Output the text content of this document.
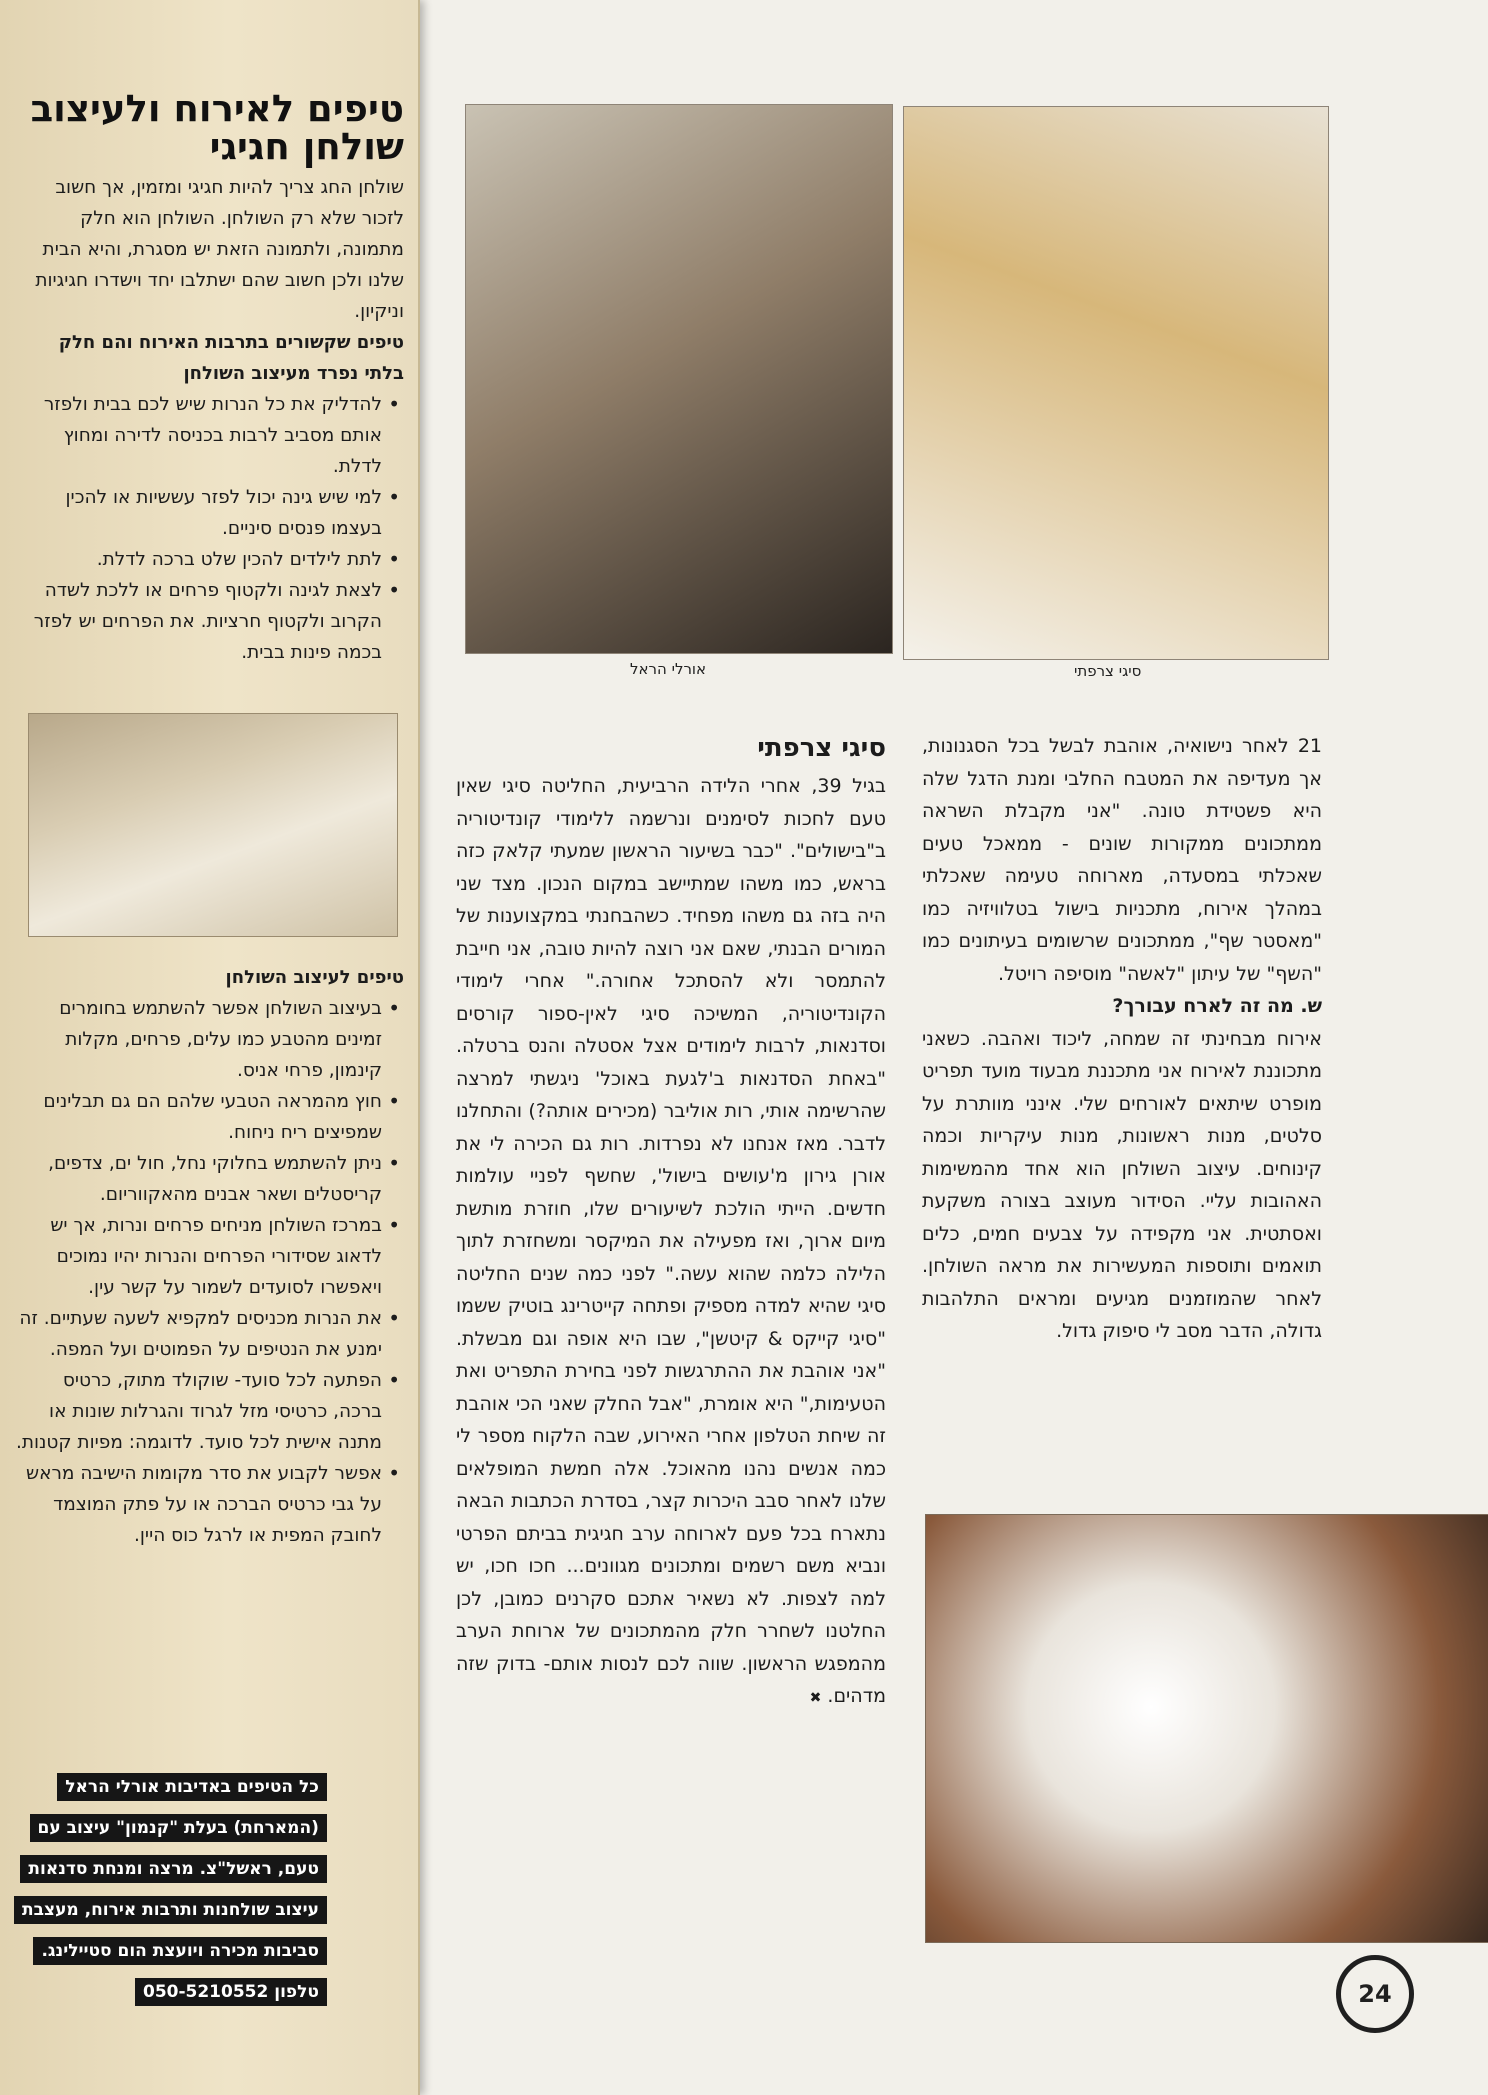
טיפים לאירוח ולעיצוב שולחן חגיגי

שולחן החג צריך להיות חגיגי ומזמין, אך חשוב לזכור שלא רק השולחן. השולחן הוא חלק מתמונה, ולתמונה הזאת יש מסגרת, והיא הבית שלנו ולכן חשוב שהם ישתלבו יחד וישדרו חגיגיות וניקיון.

טיפים שקשורים בתרבות האירוח והם חלק בלתי נפרד מעיצוב השולחן

• להדליק את כל הנרות שיש לכם בבית ולפזר אותם מסביב לרבות בכניסה לדירה ומחוץ לדלת.
• למי שיש גינה יכול לפזר עששיות או להכין בעצמו פנסים סיניים.
• לתת לילדים להכין שלט ברכה לדלת.
• לצאת לגינה ולקטוף פרחים או ללכת לשדה הקרוב ולקטוף חרציות. את הפרחים יש לפזר בכמה פינות בבית.

טיפים לעיצוב השולחן

• בעיצוב השולחן אפשר להשתמש בחומרים זמינים מהטבע כמו עלים, פרחים, מקלות קינמון, פרחי אניס.
• חוץ מהמראה הטבעי שלהם הם גם תבלינים שמפיצים ריח ניחוח.
• ניתן להשתמש בחלוקי נחל, חול ים, צדפים, קריסטלים ושאר אבנים מהאקווריום.
• במרכז השולחן מניחים פרחים ונרות, אך יש לדאוג שסידורי הפרחים והנרות יהיו נמוכים ויאפשרו לסועדים לשמור על קשר עין.
• את הנרות מכניסים למקפיא לשעה שעתיים. זה ימנע את הנטיפים על הפמוטים ועל המפה.
• הפתעה לכל סועד- שוקולד מתוק, כרטיס ברכה, כרטיסי מזל לגרוד והגרלות שונות או מתנה אישית לכל סועד. לדוגמה: מפיות קטנות.
• אפשר לקבוע את סדר מקומות הישיבה מראש על גבי כרטיס הברכה או על פתק המוצמד לחובק המפית או לרגל כוס היין.
כל הטיפים באדיבות אורלי הראל
(המארחת) בעלת "קנמון" עיצוב עם
טעם, ראשל"צ. מרצה ומנחת סדנאות
עיצוב שולחנות ותרבות אירוח, מעצבת
סביבות מכירה ויועצת הום סטיילינג.
טלפון 050-5210552
אורלי הראל	סיגי צרפתי

21 לאחר נישואיה, אוהבת לבשל בכל הסגנונות, אך מעדיפה את המטבח החלבי ומנת הדגל שלה היא פשטידת טונה. "אני מקבלת השראה ממתכונים ממקורות שונים - ממאכל טעים שאכלתי במסעדה, מארוחה טעימה שאכלתי במהלך אירוח, מתכניות בישול בטלוויזיה כמו "מאסטר שף", ממתכונים שרשומים בעיתונים כמו "השף" של עיתון "לאשה" מוסיפה רויטל.

ש. מה זה לארח עבורך?

אירוח מבחינתי זה שמחה, ליכוד ואהבה. כשאני מתכוננת לאירוח אני מתכננת מבעוד מועד תפריט מופרט שיתאים לאורחים שלי. אינני מוותרת על סלטים, מנות ראשונות, מנות עיקריות וכמה קינוחים. עיצוב השולחן הוא אחד מהמשימות האהובות עליי. הסידור מעוצב בצורה משקעת ואסתטית. אני מקפידה על צבעים חמים, כלים תואמים ותוספות המעשירות את מראה השולחן. לאחר שהמוזמנים מגיעים ומראים התלהבות גדולה, הדבר מסב לי סיפוק גדול.

סיגי צרפתי

בגיל 39, אחרי הלידה הרביעית, החליטה סיגי שאין טעם לחכות לסימנים ונרשמה ללימודי קונדיטוריה ב"בישולים". "כבר בשיעור הראשון שמעתי קלאק כזה בראש, כמו משהו שמתיישב במקום הנכון. מצד שני היה בזה גם משהו מפחיד. כשהבחנתי במקצוענות של המורים הבנתי, שאם אני רוצה להיות טובה, אני חייבת להתמסר ולא להסתכל אחורה." אחרי לימודי הקונדיטוריה, המשיכה סיגי לאין-ספור קורסים וסדנאות, לרבות לימודים אצל אסטלה והנס ברטלה. "באחת הסדנאות ב'לגעת באוכל' ניגשתי למרצה שהרשימה אותי, רות אוליבר (מכירים אותה?) והתחלנו לדבר. מאז אנחנו לא נפרדות. רות גם הכירה לי את אורן גירון מ'עושים בישול', שחשף לפניי עולמות חדשים. הייתי הולכת לשיעורים שלו, חוזרת מותשת מיום ארוך, ואז מפעילה את המיקסר ומשחזרת לתוך הלילה כלמה שהוא עשה." לפני כמה שנים החליטה סיגי שהיא למדה מספיק ופתחה קייטרינג בוטיק ששמו "סיגי קייקס & קיטשן", שבו היא אופה וגם מבשלת. "אני אוהבת את ההתרגשות לפני בחירת התפריט ואת הטעימות," היא אומרת, "אבל החלק שאני הכי אוהבת זה שיחת הטלפון אחרי האירוע, שבה הלקוח מספר לי כמה אנשים נהנו מהאוכל. אלה חמשת המופלאים שלנו לאחר סבב היכרות קצר, בסדרת הכתבות הבאה נתארח בכל פעם לארוחה ערב חגיגית בביתם הפרטי ונביא משם רשמים ומתכונים מגוונים... חכו חכו, יש למה לצפות. לא נשאיר אתכם סקרנים כמובן, לכן החלטנו לשחרר חלק מהמתכונים של ארוחת הערב מהמפגש הראשון. שווה לכם לנסות אותם- בדוק שזה מדהים. ✖

24
